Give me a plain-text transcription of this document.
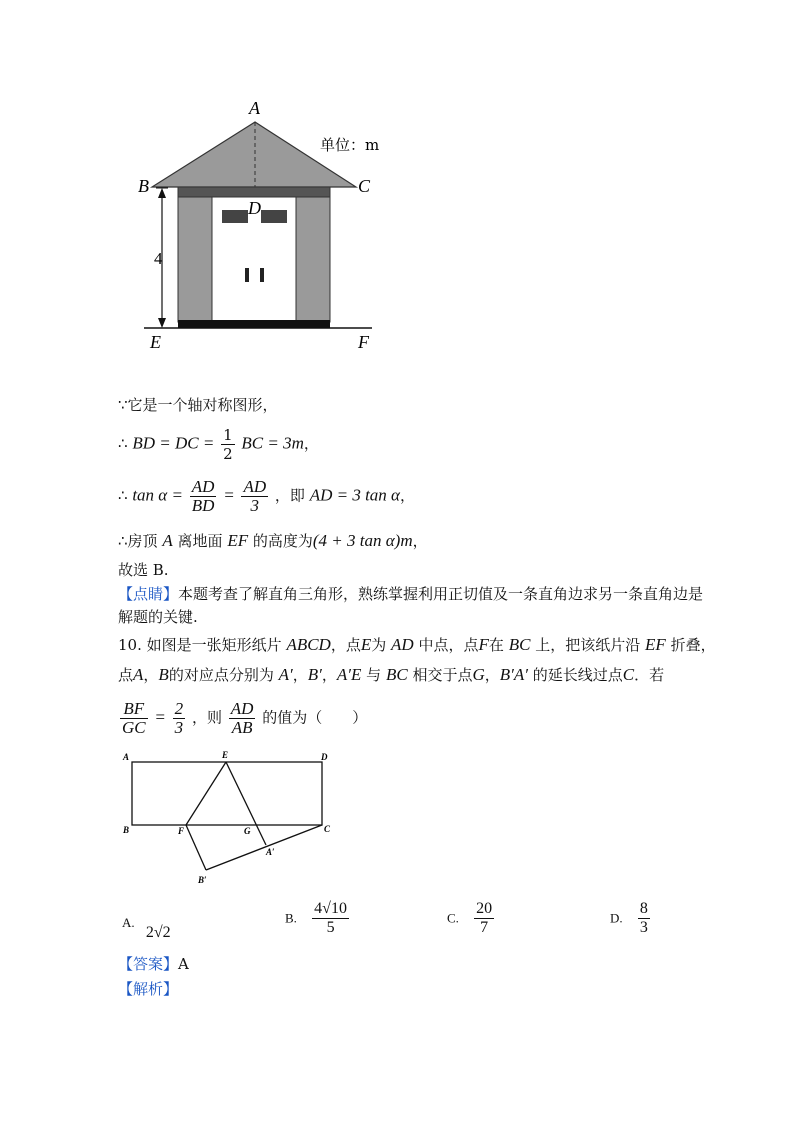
A
B	C
D
E	F
4
单位：m
∵它是一个轴对称图形，
∴ BD = DC = $\frac{1}{2}$ BC = 3m，
∴ $\tan \alpha = \frac{AD}{BD} = \frac{AD}{3}$ ，即 AD = 3 tan α，
∴房顶 A 离地面 EF 的高度为(4 + 3 tan α)m，
故选 B.
【点睛】本题考查了解直角三角形，熟练掌握利用正切值及一条直角边求另一条直角边是
解题的关键.
10. 如图是一张矩形纸片 ABCD，点E为 AD 中点，点F在 BC 上，把该纸片沿 EF 折叠，
点A，B的对应点分别为 A′，B′，A′E 与 BC 相交于点G，B′A′ 的延长线过点C．若
$\frac{BF}{GC} = \frac{2}{3}$ ，则 $\frac{AD}{AB}$ 的值为（　　）
A	E	D
B	F	G	C
A′
B′
A. 2√2
B. $\frac{4√10}{5}$	C. $\frac{20}{7}$	D. $\frac{8}{3}$
【答案】A
【解析】
